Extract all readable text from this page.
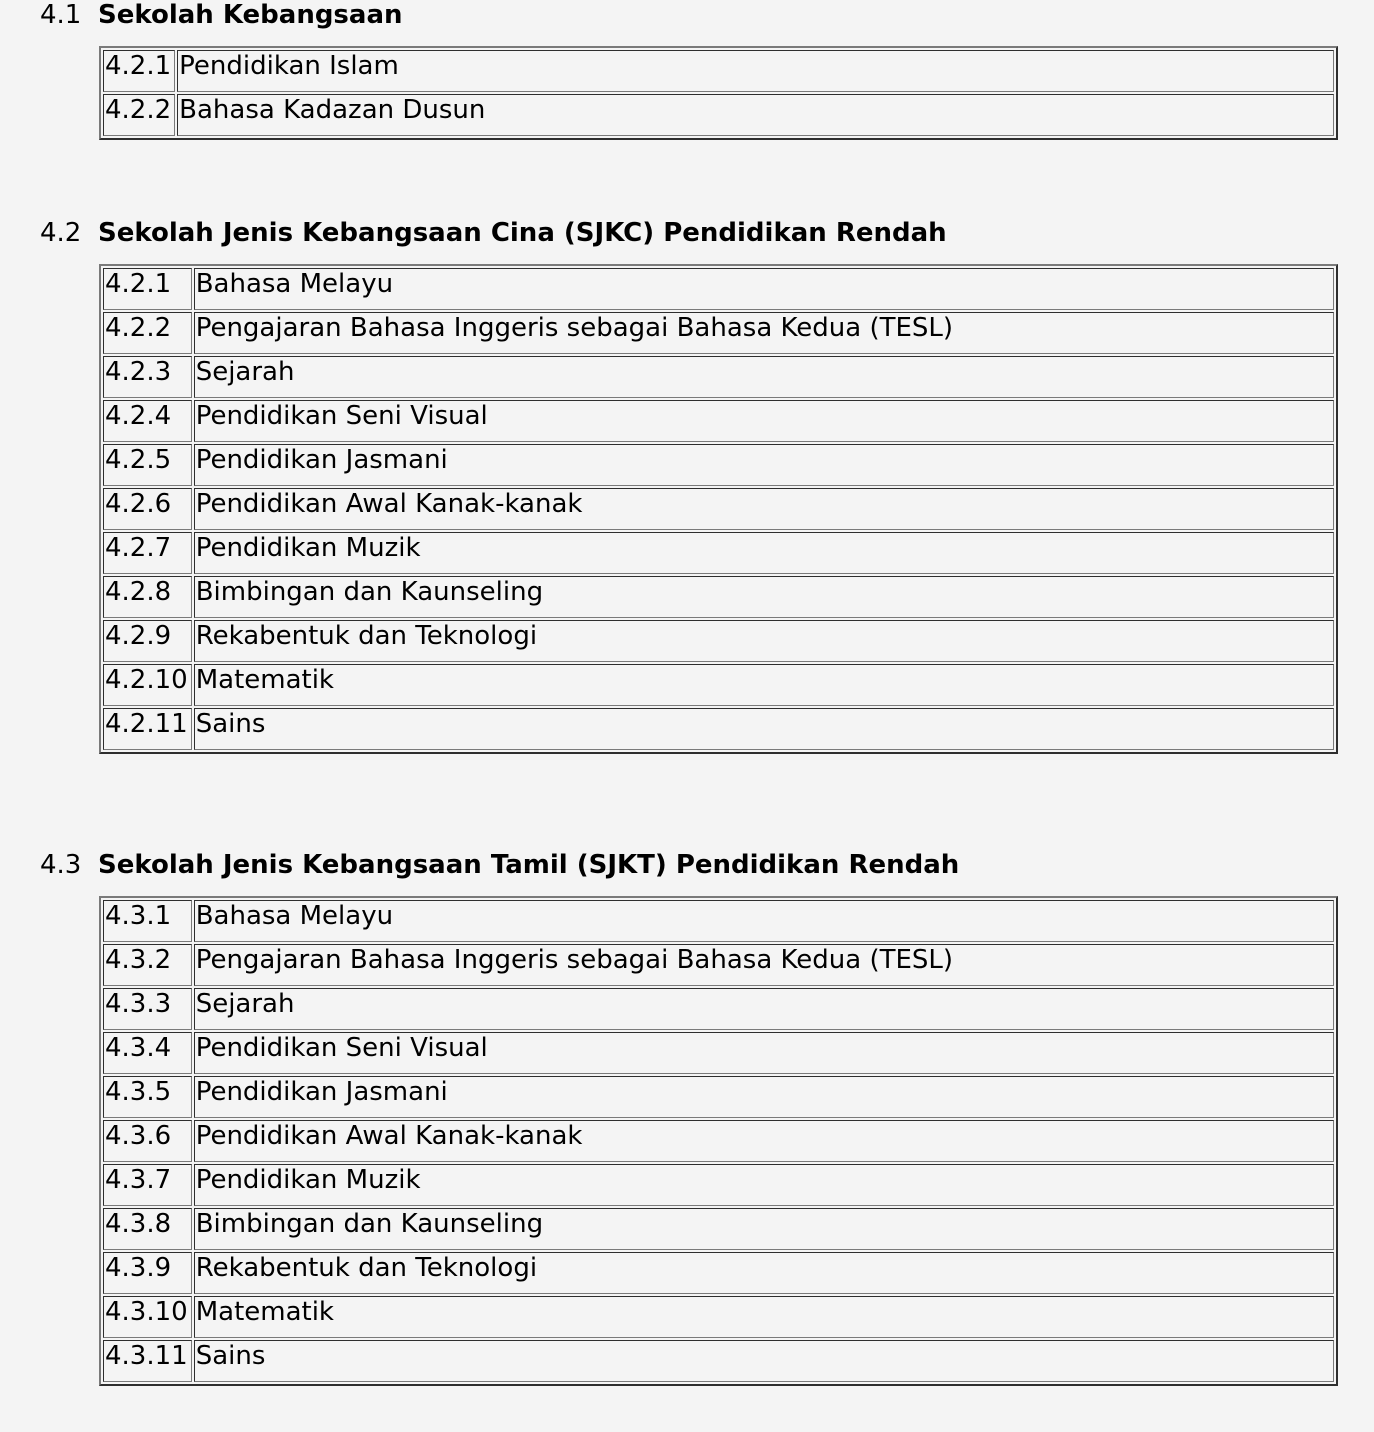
4.1 Sekolah Kebangsaan
4.2.1	Pendidikan Islam
4.2.2	Bahasa Kadazan Dusun
4.2 Sekolah Jenis Kebangsaan Cina (SJKC) Pendidikan Rendah
4.2.1	Bahasa Melayu
4.2.2	Pengajaran Bahasa Inggeris sebagai Bahasa Kedua (TESL)
4.2.3	Sejarah
4.2.4	Pendidikan Seni Visual
4.2.5	Pendidikan Jasmani
4.2.6	Pendidikan Awal Kanak-kanak
4.2.7	Pendidikan Muzik
4.2.8	Bimbingan dan Kaunseling
4.2.9	Rekabentuk dan Teknologi
4.2.10	Matematik
4.2.11	Sains
4.3 Sekolah Jenis Kebangsaan Tamil (SJKT) Pendidikan Rendah
4.3.1	Bahasa Melayu
4.3.2	Pengajaran Bahasa Inggeris sebagai Bahasa Kedua (TESL)
4.3.3	Sejarah
4.3.4	Pendidikan Seni Visual
4.3.5	Pendidikan Jasmani
4.3.6	Pendidikan Awal Kanak-kanak
4.3.7	Pendidikan Muzik
4.3.8	Bimbingan dan Kaunseling
4.3.9	Rekabentuk dan Teknologi
4.3.10	Matematik
4.3.11	Sains
